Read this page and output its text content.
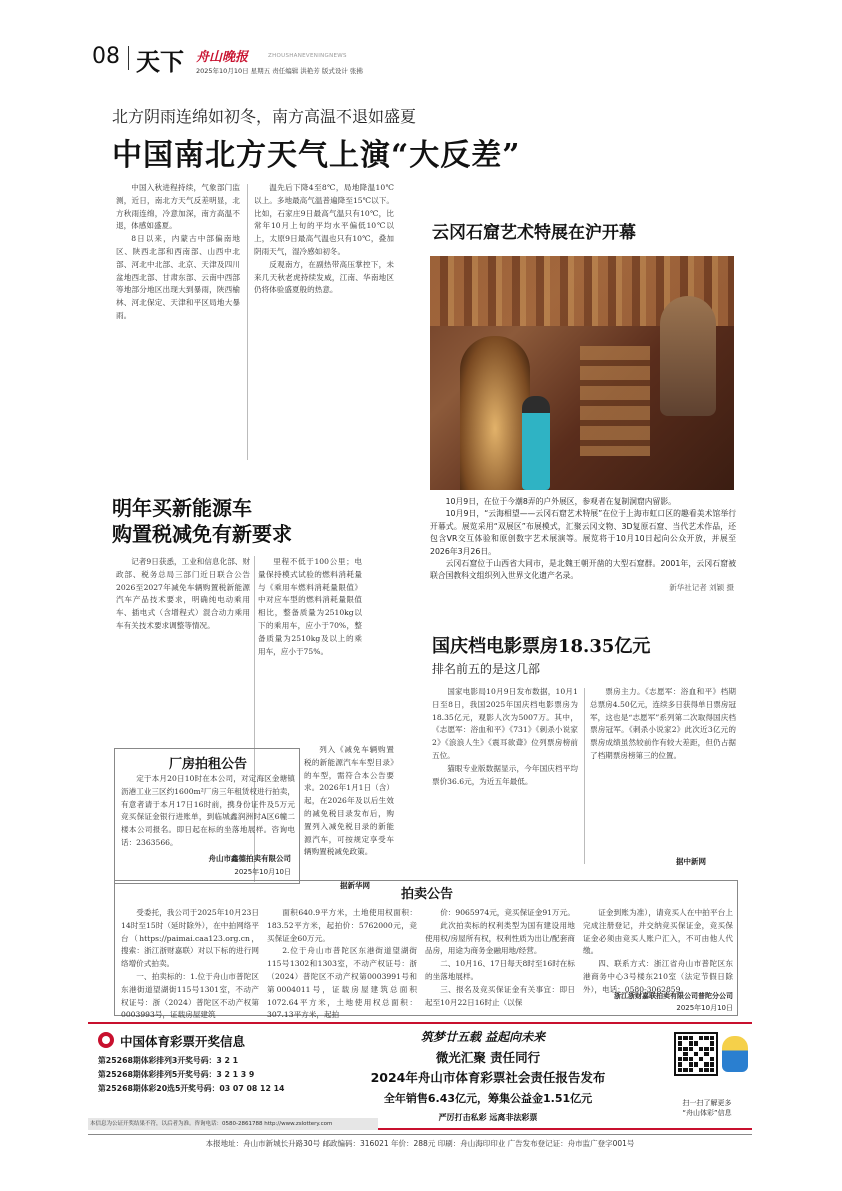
08 天下 舟山晚报	ZHOUSHANEVENINGNEWS
2025年10月10日 星期五 责任编辑 洪艳芳 版式设计 张拂
北方阴雨连绵如初冬，南方高温不退如盛夏
中国南北方天气上演“大反差”

中国入秋进程持续，气象部门监测，近日，南北方天气反差明显，北方秋雨连绵，冷意加深，南方高温不退，体感如盛夏。

8日以来，内蒙古中部偏南地区、陕西北部和西南部、山西中北部、河北中北部、北京、天津及四川盆地西北部、甘肃东部、云南中西部等地部分地区出现大到暴雨，陕西榆林、河北保定、天津和平区局地大暴雨。

温先后下降4至8℃，局地降温10℃以上。多地最高气温普遍降至15℃以下。比如，石家庄9日最高气温只有10℃，比常年10月上旬的平均水平偏低10℃以上，太原9日最高气温也只有10℃，叠加阴雨天气，湿冷感如初冬。

反观南方，在副热带高压掌控下，未来几天秋老虎持续发威，江南、华南地区仍将体验盛夏般的热意。

云冈石窟艺术特展在沪开幕

10月9日，在位于今潮8弄的户外展区，参观者在复制洞窟内留影。

10月9日，“云海相望——云冈石窟艺术特展”在位于上海市虹口区的趣看美术馆举行开幕式。展览采用“双展区”布展模式，汇聚云冈文物、3D复原石窟、当代艺术作品，还包含VR交互体验和原创数字艺术展演等。展览将于10月10日起向公众开放，并展至2026年3月26日。

云冈石窟位于山西省大同市，是北魏王朝开凿的大型石窟群。2001年，云冈石窟被联合国教科文组织列入世界文化遗产名录。

新华社记者 刘颖 摄
明年买新能源车
购置税减免有新要求

记者9日获悉，工业和信息化部、财政部、税务总局三部门近日联合公告2026至2027年减免车辆购置税新能源汽车产品技术要求，明确纯电动乘用车、插电式（含增程式）混合动力乘用车有关技术要求调整等情况。

里程不低于100公里；电量保持模式试验的燃料消耗量与《乘用车燃料消耗量限值》中对应车型的燃料消耗量限值相比，整备质量为2510kg以下的乘用车，应小于70%，整备质量为2510kg及以上的乘用车，应小于75%。

列入《减免车辆购置税的新能源汽车车型目录》的车型，需符合本公告要求。2026年1月1日（含）起，在2026年及以后生效的减免税目录发布后，购置列入减免税目录的新能源汽车，可按规定享受车辆购置税减免政策。

据新华网
厂房拍租公告
定于本月20日10时在本公司，对定海区金塘镇沥港工业三区约1600m²厂房三年租赁权进行拍卖，有意者请于本月17日16时前，携身份证件及5万元竞买保证金银行进账单，到临城鑫润洲时A区6幢二楼本公司报名。即日起在标的坐落地展样。咨询电话：2363566。
舟山市鑫德拍卖有限公司
2025年10月10日
国庆档电影票房18.35亿元
排名前五的是这几部

国家电影局10月9日发布数据，10月1日至8日，我国2025年国庆档电影票房为18.35亿元，观影人次为5007万。其中，《志愿军：浴血和平》《731》《刺杀小说家2》《浪浪人生》《震耳欲聋》位列票房榜前五位。

猫眼专业版数据显示，今年国庆档平均票价36.6元，为近五年最低。

票房主力。《志愿军：浴血和平》档期总票房4.50亿元，连续多日获得单日票房冠军，这也是“志愿军”系列第二次取得国庆档票房冠军。《刺杀小说家2》此次近3亿元的票房成绩虽然较前作有较大差距，但仍占据了档期票房榜第三的位置。

据中新网
拍卖公告

受委托，我公司于2025年10月23日14时至15时（延时除外），在中拍网络平台（https://paimai.caa123.org.cn，搜索：浙江浙财嘉联）对以下标的进行网络增价式拍卖。

一、拍卖标的：1.位于舟山市普陀区东港街道望湖街115号1301室，不动产权证号：浙（2024）普陀区不动产权第0003993号，证载房屋建筑

面积640.9平方米，土地使用权面积：183.52平方米，起拍价：5762000元，竞买保证金60万元。

2.位于舟山市普陀区东港街道望湖街115号1302和1303室，不动产权证号：浙（2024）普陀区不动产权第0003991号和第0004011号，证载房屋建筑总面积1072.64平方米，土地使用权总面积：307.13平方米，起拍

价：9065974元，竞买保证金91万元。

此次拍卖标的权利类型为国有建设用地使用权/房屋所有权，权利性质为出让/配套商品房，用途为商务金融用地/经营。

二、10月16、17日每天8时至16时在标的坐落地展样。

三、报名及竞买保证金有关事宜：即日起至10月22日16时止（以保

证金到账为准），请竞买人在中拍平台上完成注册登记，并交纳竞买保证金，竞买保证金必须由竞买人账户汇入，不可由他人代缴。

四、联系方式：浙江省舟山市普陀区东港商务中心3号楼东210室（法定节假日除外），电话：0580-3062859。

浙江浙财嘉联拍卖有限公司普陀分公司
2025年10月10日
中国体育彩票开奖信息
第25268期体彩排列3开奖号码：3 2 1
第25268期体彩排列5开奖号码：3 2 1 3 9
第25268期体彩20选5开奖号码：03 07 08 12 14
本信息为公证开奖结果不符，以后者为准。咨询电话：0580-2861788 http://www.zslottery.com
筑梦廿五载 益起向未来
微光汇聚 责任同行
2024年舟山市体育彩票社会责任报告发布
全年销售6.43亿元，筹集公益金1.51亿元
严厉打击私彩 远离非法彩票
扫一扫了解更多
“舟山体彩”信息
本报地址：舟山市新城长升路30号 邮政编码：316021 年价：288元 印刷：舟山海印印业 广告发布登记证：舟市监广登字001号
